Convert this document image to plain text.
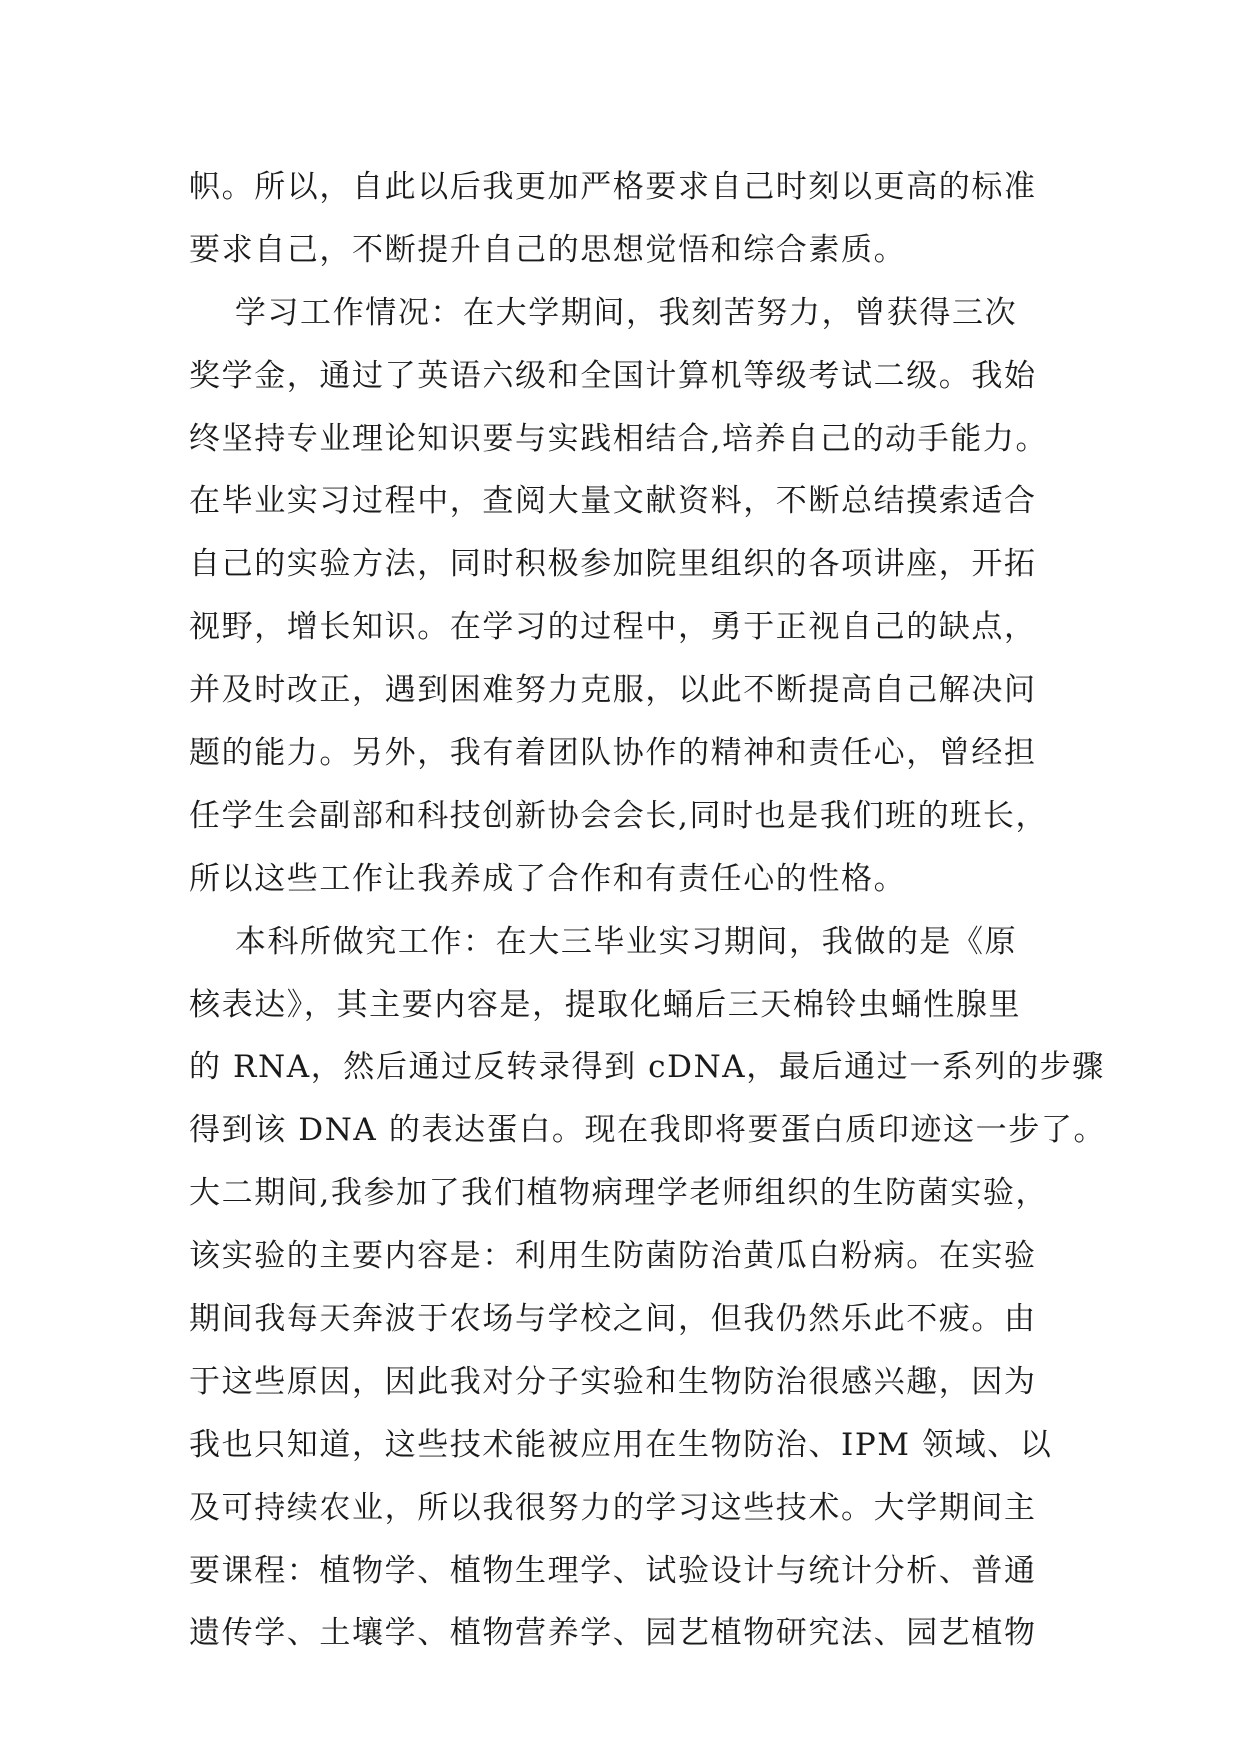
帜。所以，自此以后我更加严格要求自己时刻以更高的标准
要求自己，不断提升自己的思想觉悟和综合素质。
学习工作情况：在大学期间，我刻苦努力，曾获得三次
奖学金，通过了英语六级和全国计算机等级考试二级。我始
终坚持专业理论知识要与实践相结合,培养自己的动手能力。
在毕业实习过程中，查阅大量文献资料，不断总结摸索适合
自己的实验方法，同时积极参加院里组织的各项讲座，开拓
视野，增长知识。在学习的过程中，勇于正视自己的缺点，
并及时改正，遇到困难努力克服，以此不断提高自己解决问
题的能力。另外，我有着团队协作的精神和责任心，曾经担
任学生会副部和科技创新协会会长,同时也是我们班的班长，
所以这些工作让我养成了合作和有责任心的性格。
本科所做究工作：在大三毕业实习期间，我做的是《原
核表达》，其主要内容是，提取化蛹后三天棉铃虫蛹性腺里
的 RNA，然后通过反转录得到 cDNA，最后通过一系列的步骤
得到该 DNA 的表达蛋白。现在我即将要蛋白质印迹这一步了。
大二期间,我参加了我们植物病理学老师组织的生防菌实验，
该实验的主要内容是：利用生防菌防治黄瓜白粉病。在实验
期间我每天奔波于农场与学校之间，但我仍然乐此不疲。由
于这些原因，因此我对分子实验和生物防治很感兴趣，因为
我也只知道，这些技术能被应用在生物防治、IPM 领域、以
及可持续农业，所以我很努力的学习这些技术。大学期间主
要课程：植物学、植物生理学、试验设计与统计分析、普通
遗传学、土壤学、植物营养学、园艺植物研究法、园艺植物
